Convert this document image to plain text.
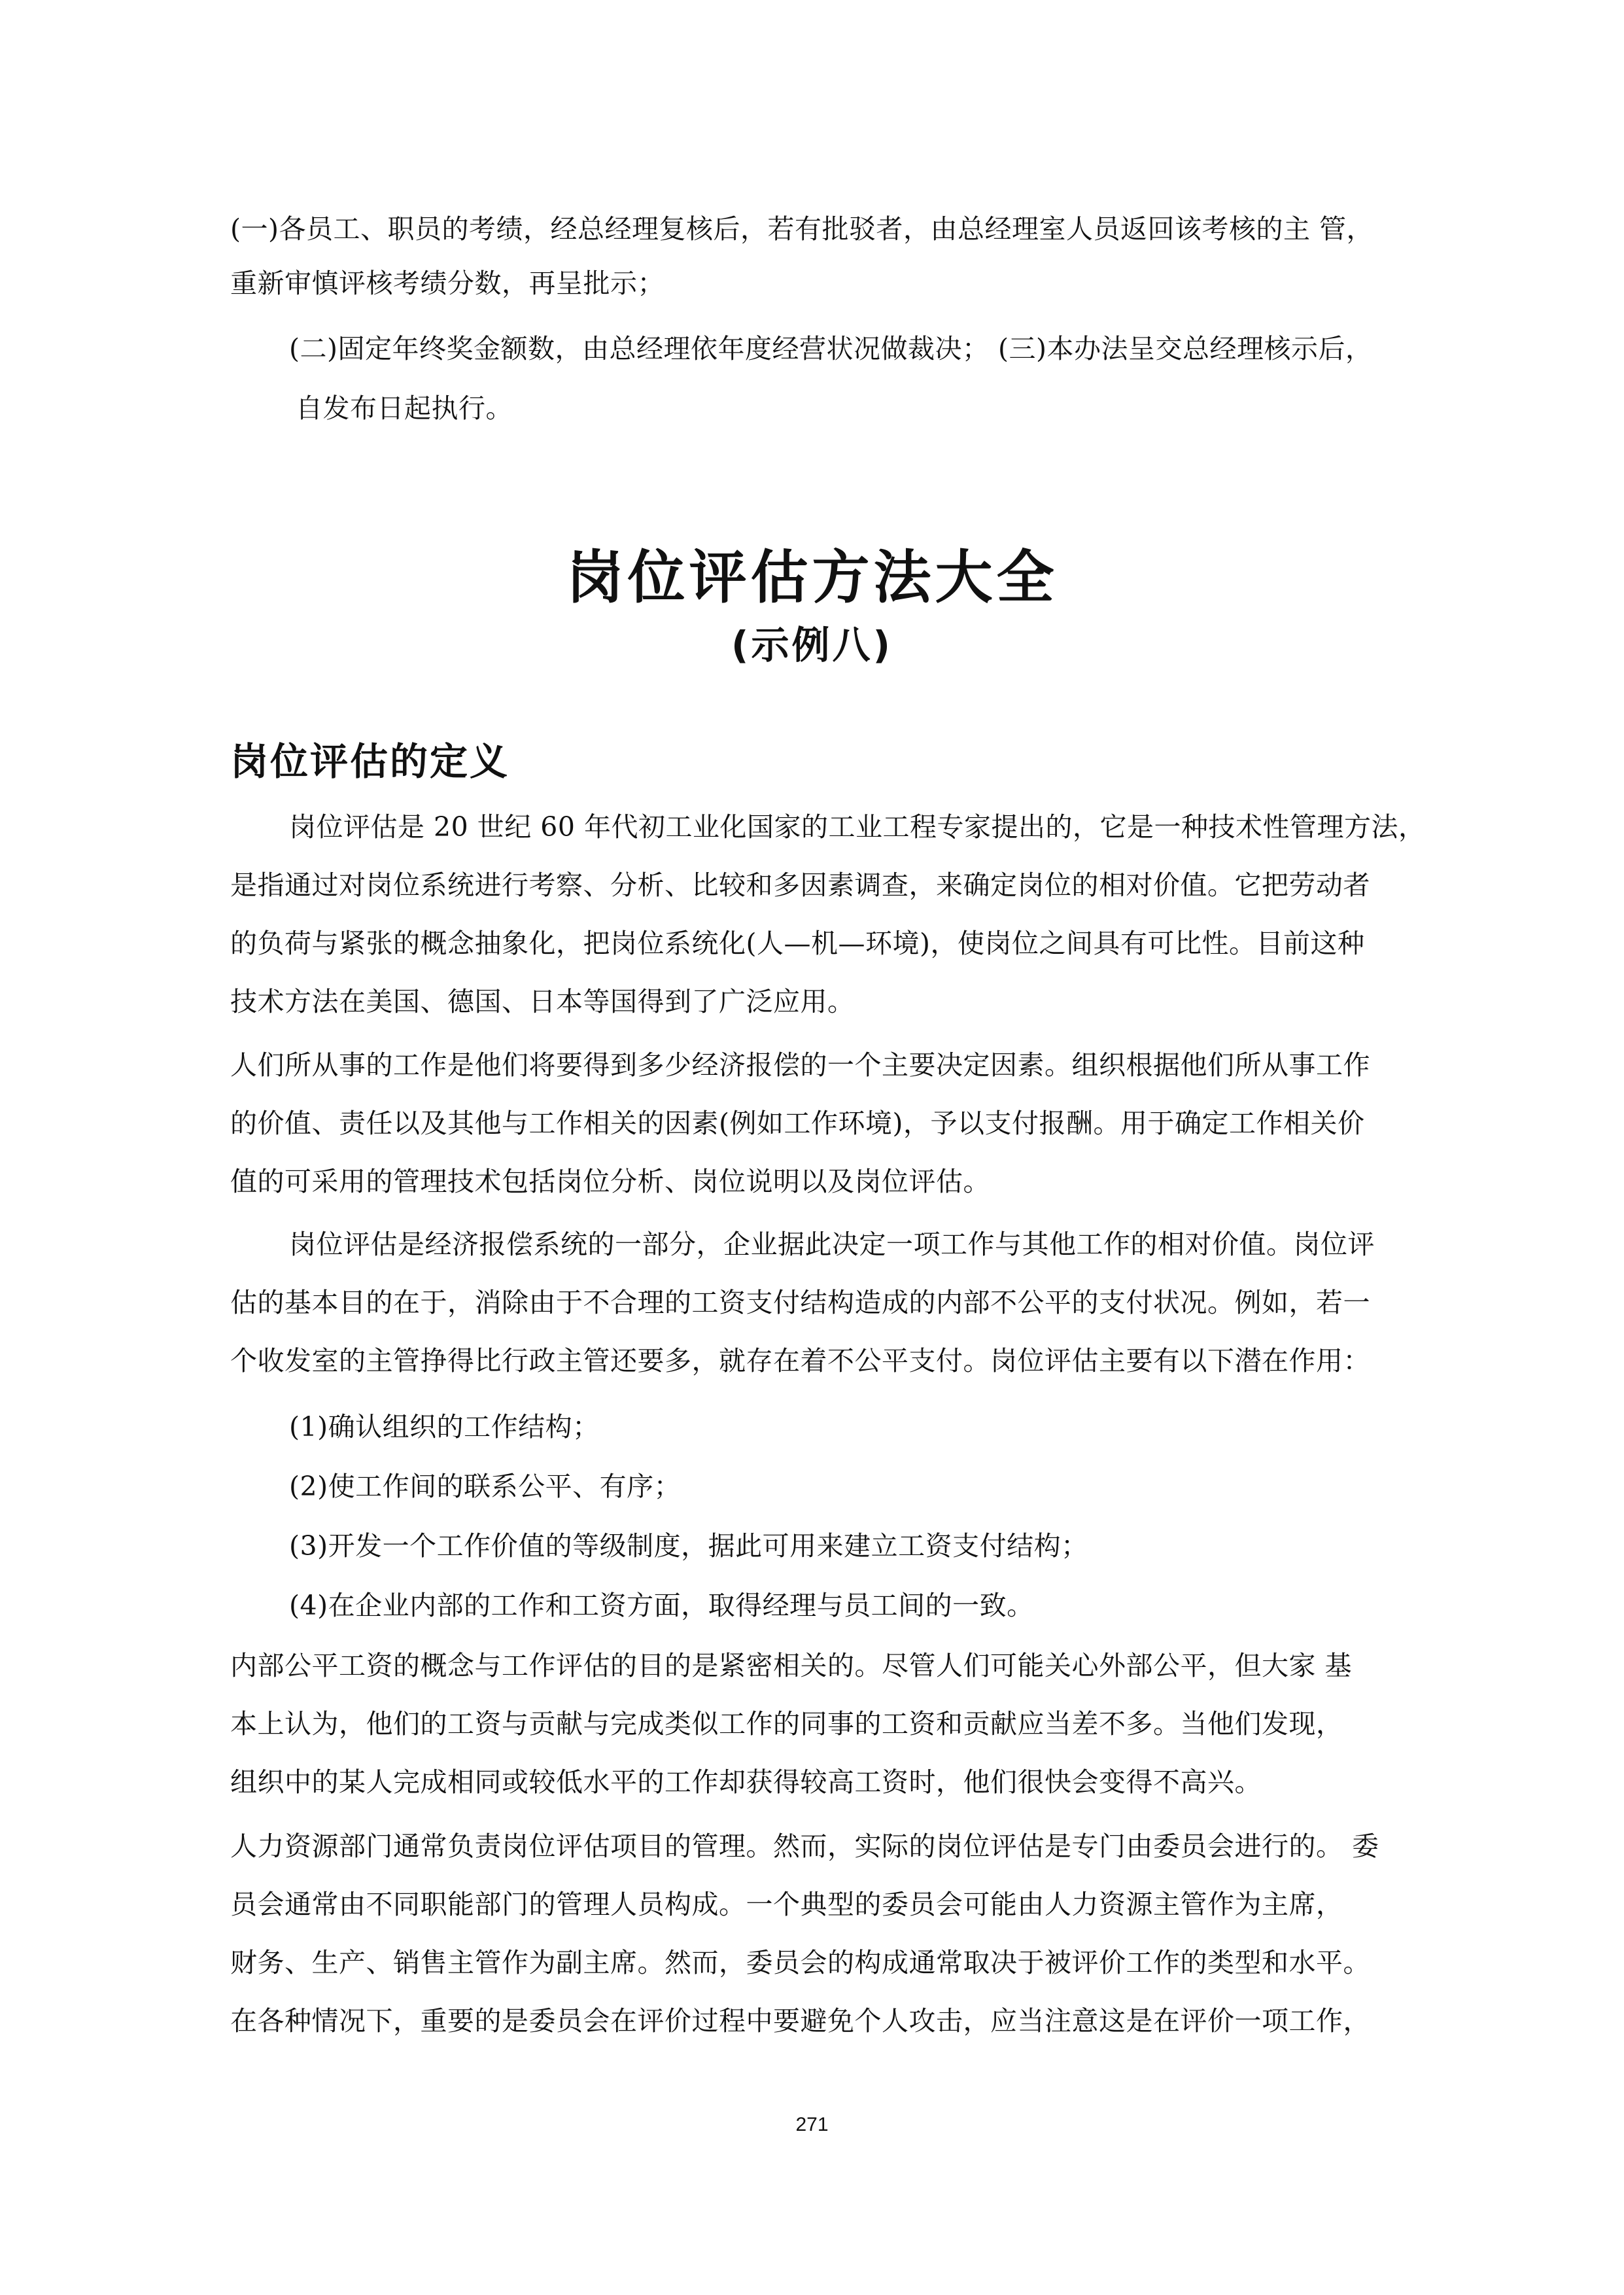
(一)各员工、职员的考绩，经总经理复核后，若有批驳者，由总经理室人员返回该考核的主 管，
重新审慎评核考绩分数，再呈批示；
(二)固定年终奖金额数，由总经理依年度经营状况做裁决； (三)本办法呈交总经理核示后，
自发布日起执行。
岗位评估方法大全
(示例八)
岗位评估的定义
岗位评估是 20 世纪 60 年代初工业化国家的工业工程专家提出的，它是一种技术性管理方法，
是指通过对岗位系统进行考察、分析、比较和多因素调查，来确定岗位的相对价值。它把劳动者
的负荷与紧张的概念抽象化，把岗位系统化(人—机—环境)，使岗位之间具有可比性。目前这种
技术方法在美国、德国、日本等国得到了广泛应用。
人们所从事的工作是他们将要得到多少经济报偿的一个主要决定因素。组织根据他们所从事工作
的价值、责任以及其他与工作相关的因素(例如工作环境)，予以支付报酬。用于确定工作相关价
值的可采用的管理技术包括岗位分析、岗位说明以及岗位评估。
岗位评估是经济报偿系统的一部分，企业据此决定一项工作与其他工作的相对价值。岗位评
估的基本目的在于，消除由于不合理的工资支付结构造成的内部不公平的支付状况。例如，若一
个收发室的主管挣得比行政主管还要多，就存在着不公平支付。岗位评估主要有以下潜在作用：
(1)确认组织的工作结构；
(2)使工作间的联系公平、有序；
(3)开发一个工作价值的等级制度，据此可用来建立工资支付结构；
(4)在企业内部的工作和工资方面，取得经理与员工间的一致。
内部公平工资的概念与工作评估的目的是紧密相关的。尽管人们可能关心外部公平，但大家 基
本上认为，他们的工资与贡献与完成类似工作的同事的工资和贡献应当差不多。当他们发现，
组织中的某人完成相同或较低水平的工作却获得较高工资时，他们很快会变得不高兴。
人力资源部门通常负责岗位评估项目的管理。然而，实际的岗位评估是专门由委员会进行的。 委
员会通常由不同职能部门的管理人员构成。一个典型的委员会可能由人力资源主管作为主席，
财务、生产、销售主管作为副主席。然而，委员会的构成通常取决于被评价工作的类型和水平。
在各种情况下，重要的是委员会在评价过程中要避免个人攻击，应当注意这是在评价一项工作，
271
